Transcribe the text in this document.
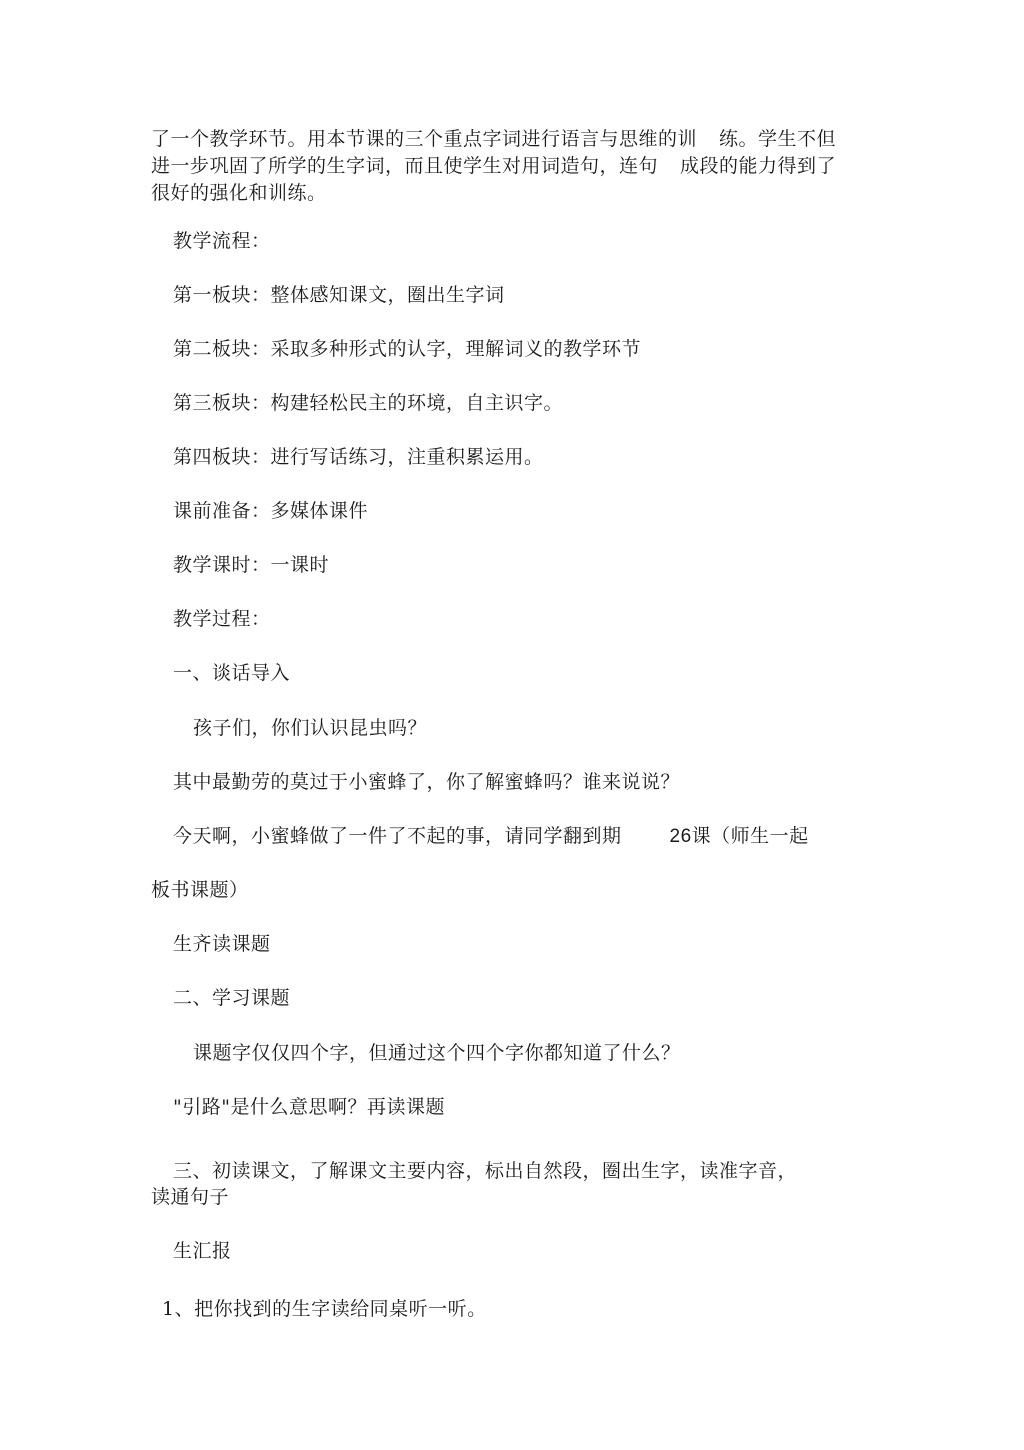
了一个教学环节。用本节课的三个重点字词进行语言与思维的训 练。学生不但
进一步巩固了所学的生字词，而且使学生对用词造句，连句 成段的能力得到了
很好的强化和训练。
教学流程：
第一板块：整体感知课文，圈出生字词
第二板块：采取多种形式的认字，理解词义的教学环节
第三板块：构建轻松民主的环境，自主识字。
第四板块：进行写话练习，注重积累运用。
课前准备：多媒体课件
教学课时：一课时
教学过程：
一、谈话导入
孩子们，你们认识昆虫吗？
其中最勤劳的莫过于小蜜蜂了，你了解蜜蜂吗？谁来说说？
今天啊，小蜜蜂做了一件了不起的事，请同学翻到期	26课（师生一起
板书课题）
生齐读课题
二、学习课题
课题字仅仅四个字，但通过这个四个字你都知道了什么？
"引路"是什么意思啊？再读课题
三、初读课文，了解课文主要内容，标出自然段，圈出生字，读准字音，
读通句子
生汇报
1、把你找到的生字读给同桌听一听。
